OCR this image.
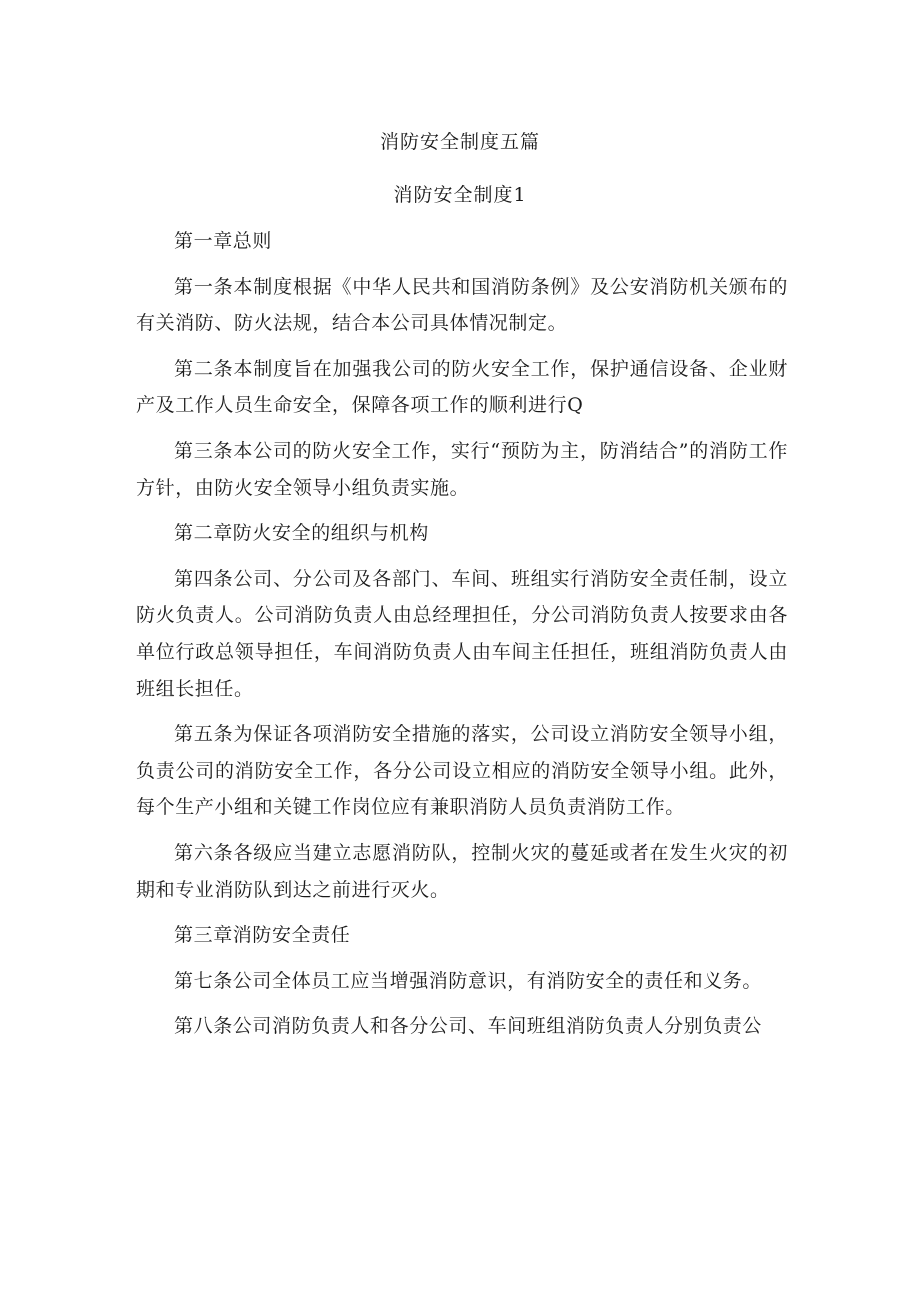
消防安全制度五篇
消防安全制度1

第一章总则

第一条本制度根据《中华人民共和国消防条例》及公安消防机关颁布的有关消防、防火法规，结合本公司具体情况制定。

第二条本制度旨在加强我公司的防火安全工作，保护通信设备、企业财产及工作人员生命安全，保障各项工作的顺利进行Q

第三条本公司的防火安全工作，实行“预防为主，防消结合”的消防工作方针，由防火安全领导小组负责实施。

第二章防火安全的组织与机构

第四条公司、分公司及各部门、车间、班组实行消防安全责任制，设立防火负责人。公司消防负责人由总经理担任，分公司消防负责人按要求由各单位行政总领导担任，车间消防负责人由车间主任担任，班组消防负责人由班组长担任。

第五条为保证各项消防安全措施的落实，公司设立消防安全领导小组，负责公司的消防安全工作，各分公司设立相应的消防安全领导小组。此外，每个生产小组和关键工作岗位应有兼职消防人员负责消防工作。

第六条各级应当建立志愿消防队，控制火灾的蔓延或者在发生火灾的初期和专业消防队到达之前进行灭火。

第三章消防安全责任

第七条公司全体员工应当增强消防意识，有消防安全的责任和义务。

第八条公司消防负责人和各分公司、车间班组消防负责人分别负责公
